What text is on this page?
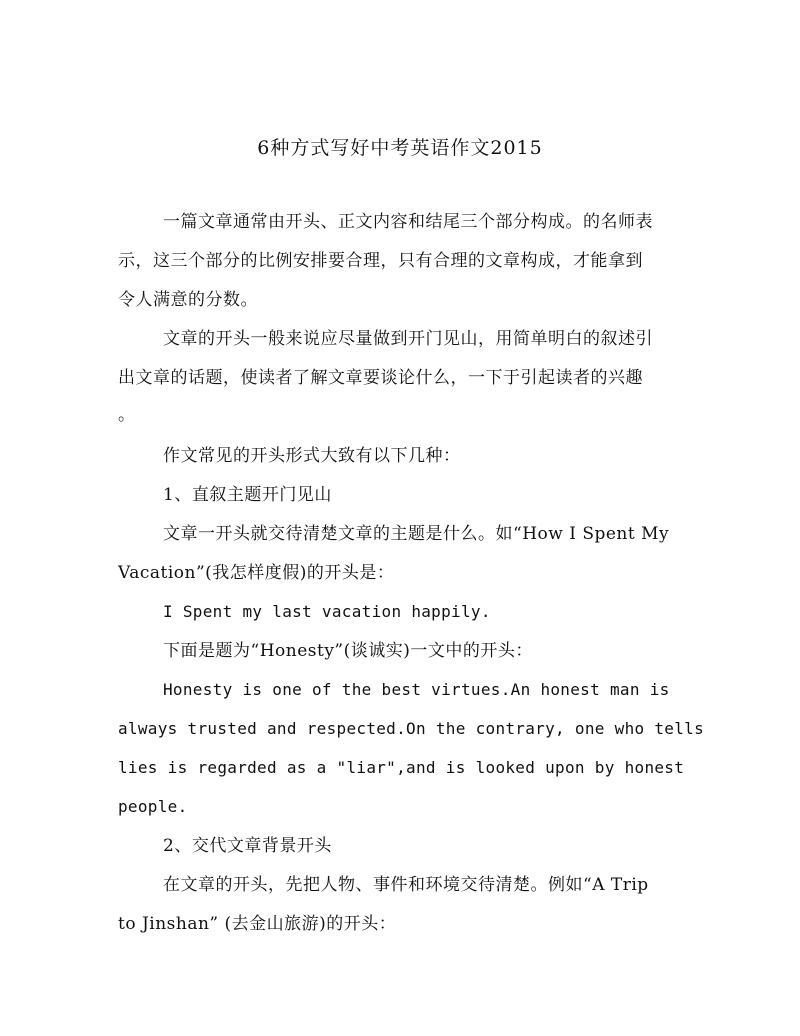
6种方式写好中考英语作文2015
一篇文章通常由开头、正文内容和结尾三个部分构成。的名师表
示，这三个部分的比例安排要合理，只有合理的文章构成，才能拿到
令人满意的分数。
文章的开头一般来说应尽量做到开门见山，用简单明白的叙述引
出文章的话题，使读者了解文章要谈论什么，一下于引起读者的兴趣
。
作文常见的开头形式大致有以下几种：
1、直叙主题开门见山
文章一开头就交待清楚文章的主题是什么。如“How I Spent My
Vacation”(我怎样度假)的开头是：
I Spent my last vacation happily.
下面是题为“Honesty”(谈诚实)一文中的开头：
Honesty is one of the best virtues.An honest man is
always trusted and respected.On the contrary, one who tells
lies is regarded as a "liar",and is looked upon by honest
people.
2、交代文章背景开头
在文章的开头，先把人物、事件和环境交待清楚。例如“A Trip
to Jinshan” (去金山旅游)的开头：
